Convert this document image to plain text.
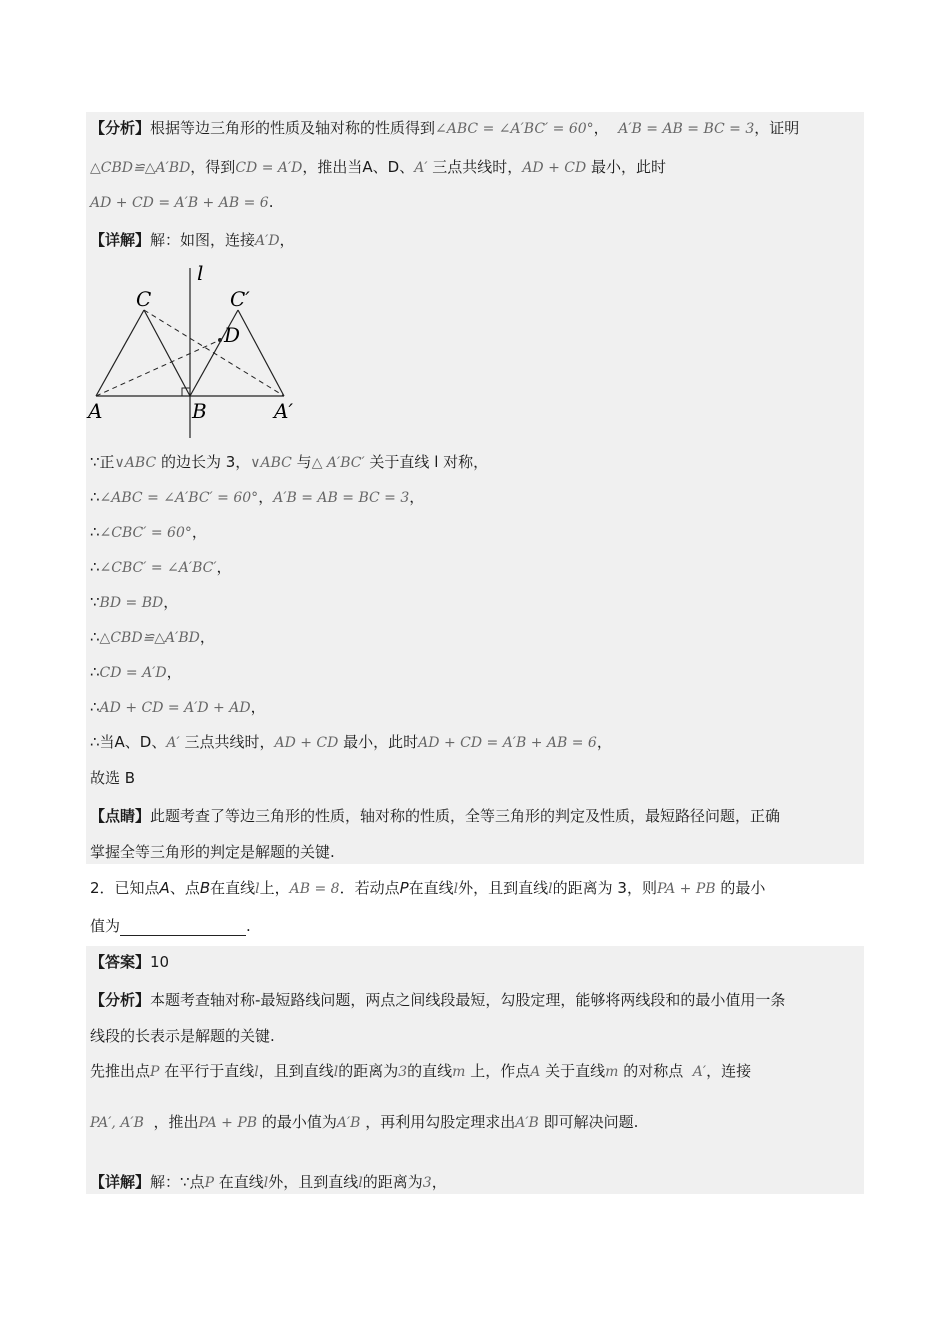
【分析】根据等边三角形的性质及轴对称的性质得到∠ABC = ∠A′BC′ = 60°， A′B = AB = BC = 3，证明
△CBD≌△A′BD，得到CD = A′D，推出当A、D、A′ 三点共线时，AD + CD 最小，此时
AD + CD = A′B + AB = 6.
【详解】解：如图，连接A′D，
l
C	C′
D
A	B	A′
∵正∨ABC 的边长为 3，∨ABC 与△ A′BC′ 关于直线 l 对称，
∴∠ABC = ∠A′BC′ = 60°，A′B = AB = BC = 3，
∴∠CBC′ = 60°，
∴∠CBC′ = ∠A′BC′，
∵BD = BD，
∴△CBD≌△A′BD，
∴CD = A′D，
∴AD + CD = A′D + AD，
∴当A、D、A′ 三点共线时，AD + CD 最小，此时AD + CD = A′B + AB = 6，
故选 B
【点睛】此题考查了等边三角形的性质，轴对称的性质，全等三角形的判定及性质，最短路径问题，正确
掌握全等三角形的判定是解题的关键.
2．已知点A、点B在直线l上，AB = 8．若动点P在直线l外，且到直线l的距离为 3，则PA + PB 的最小
值为	.
【答案】10
【分析】本题考查轴对称-最短路线问题，两点之间线段最短，勾股定理，能够将两线段和的最小值用一条
线段的长表示是解题的关键.
先推出点P 在平行于直线l，且到直线l的距离为3的直线m 上，作点A 关于直线m 的对称点 A′，连接
PA′, A′B ，推出PA + PB 的最小值为A′B ，再利用勾股定理求出A′B 即可解决问题.
【详解】解：∵点P 在直线l外，且到直线l的距离为3，
